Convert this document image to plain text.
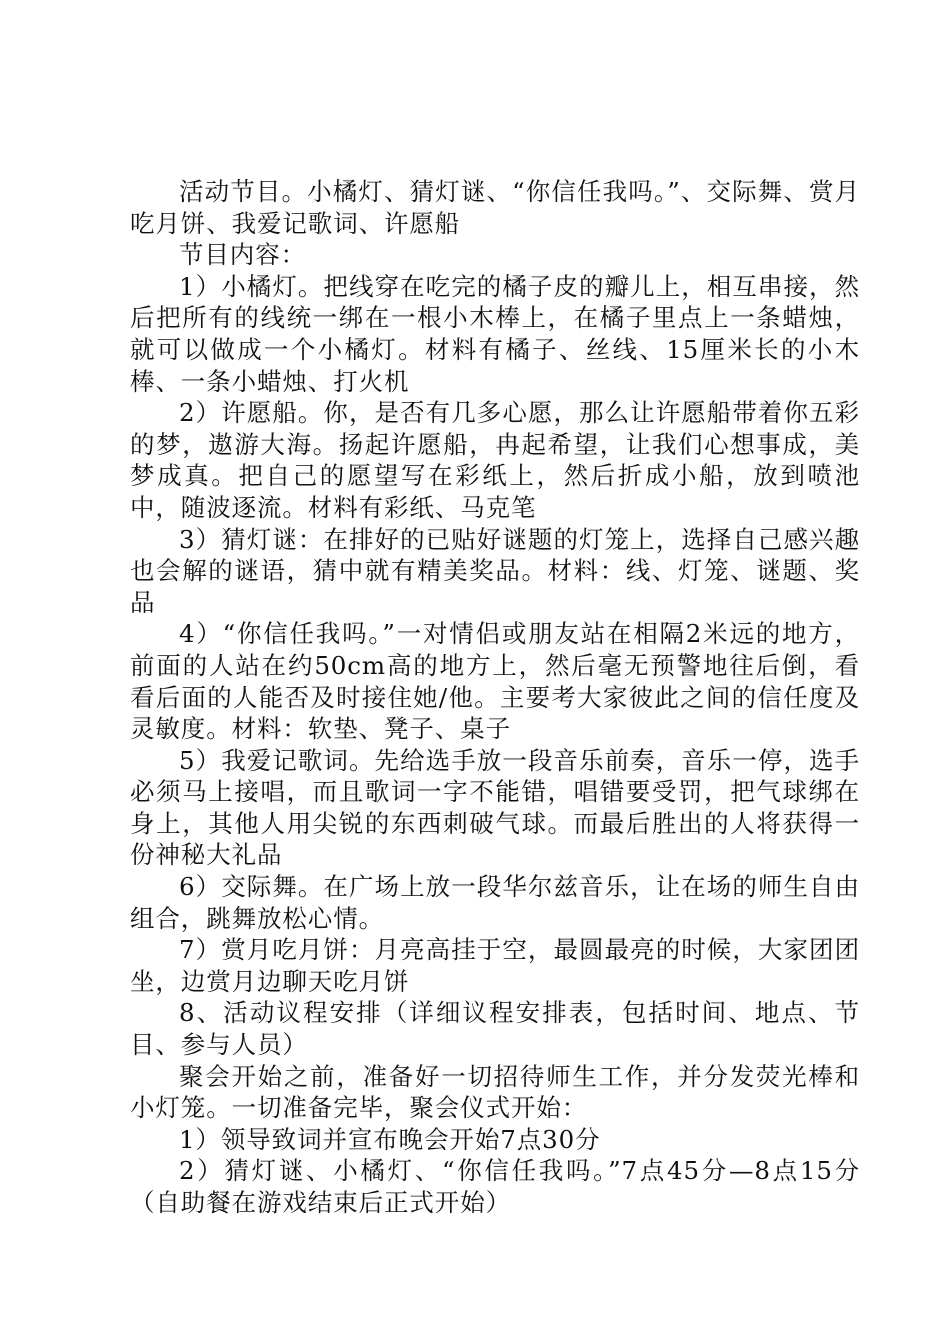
活动节目。小橘灯、猜灯谜、“你信任我吗。”、交际舞、赏月吃月饼、我爱记歌词、许愿船

节目内容：

1）小橘灯。把线穿在吃完的橘子皮的瓣儿上，相互串接，然后把所有的线统一绑在一根小木棒上，在橘子里点上一条蜡烛，就可以做成一个小橘灯。材料有橘子、丝线、15厘米长的小木棒、一条小蜡烛、打火机

2）许愿船。你，是否有几多心愿，那么让许愿船带着你五彩的梦，遨游大海。扬起许愿船，冉起希望，让我们心想事成，美梦成真。把自己的愿望写在彩纸上，然后折成小船，放到喷池中，随波逐流。材料有彩纸、马克笔

3）猜灯谜：在排好的已贴好谜题的灯笼上，选择自己感兴趣也会解的谜语，猜中就有精美奖品。材料：线、灯笼、谜题、奖品

4）“你信任我吗。”一对情侣或朋友站在相隔2米远的地方，前面的人站在约50cm高的地方上，然后毫无预警地往后倒，看看后面的人能否及时接住她/他。主要考大家彼此之间的信任度及灵敏度。材料：软垫、凳子、桌子

5）我爱记歌词。先给选手放一段音乐前奏，音乐一停，选手必须马上接唱，而且歌词一字不能错，唱错要受罚，把气球绑在身上，其他人用尖锐的东西刺破气球。而最后胜出的人将获得一份神秘大礼品

6）交际舞。在广场上放一段华尔兹音乐，让在场的师生自由组合，跳舞放松心情。

7）赏月吃月饼：月亮高挂于空，最圆最亮的时候，大家团团坐，边赏月边聊天吃月饼

8、活动议程安排（详细议程安排表，包括时间、地点、节目、参与人员）

聚会开始之前，准备好一切招待师生工作，并分发荧光棒和小灯笼。一切准备完毕，聚会仪式开始：

1）领导致词并宣布晚会开始7点30分

2）猜灯谜、小橘灯、“你信任我吗。”7点45分—8点15分（自助餐在游戏结束后正式开始）
